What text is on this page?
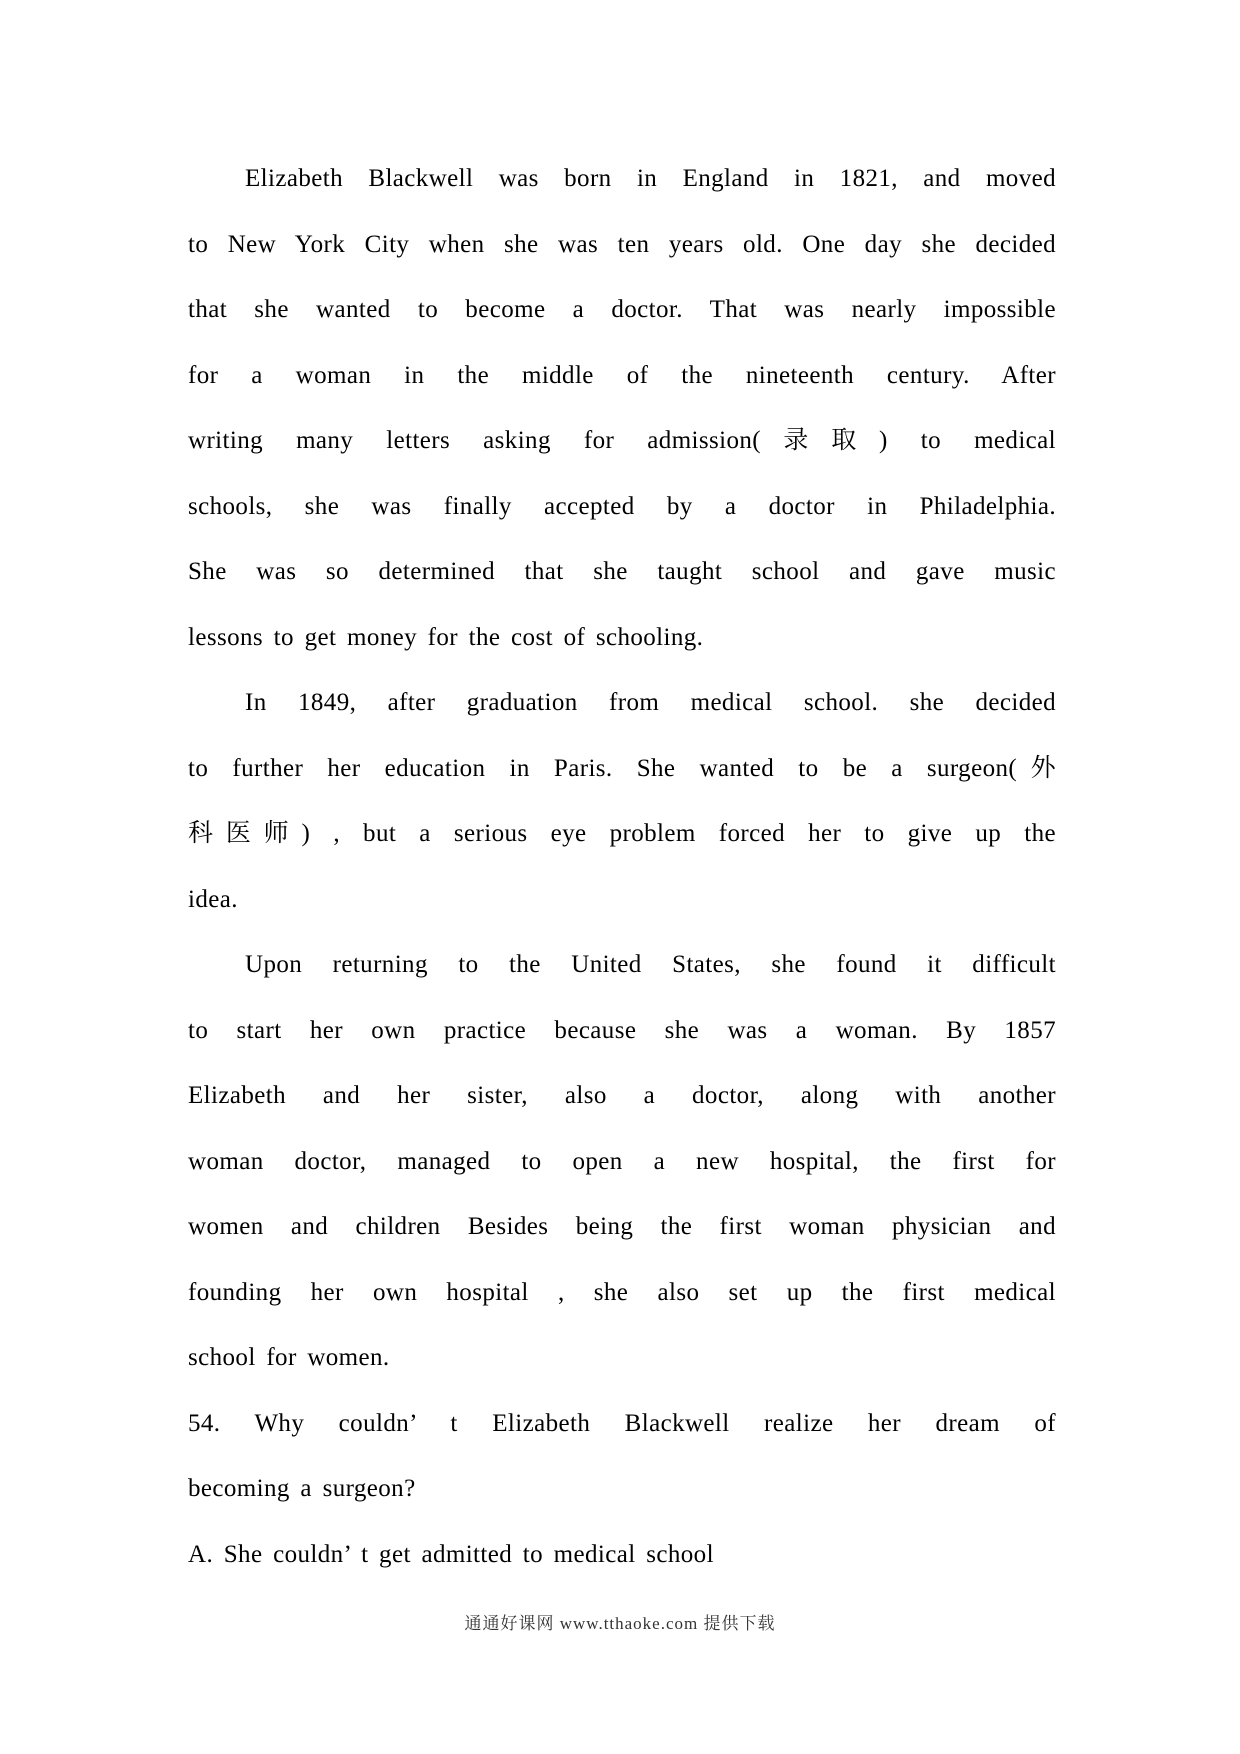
Elizabeth Blackwell was born in England in 1821, and moved
to New York City when she was ten years old. One day she decided
that she wanted to become a doctor. That was nearly impossible
for a woman in the middle of the nineteenth century. After
writing many letters asking for admission(录取) to medical
schools, she was finally accepted by a doctor in Philadelphia.
She was so determined that she taught school and gave music
lessons to get money for the cost of schooling.
In 1849, after graduation from medical school. she decided
to further her education in Paris. She wanted to be a surgeon(外
科医师) , but a serious eye problem forced her to give up the
idea.
Upon returning to the United States, she found it difficult
to start her own practice because she was a woman. By 1857
Elizabeth and her sister, also a doctor, along with another
woman doctor, managed to open a new hospital, the first for
women and children Besides being the first woman physician and
founding her own hospital , she also set up the first medical
school for women.
54. Why couldn’ t Elizabeth Blackwell realize her dream of
becoming a surgeon?
A. She couldn’ t get admitted to medical school
通通好课网 www.tthaoke.com 提供下载
